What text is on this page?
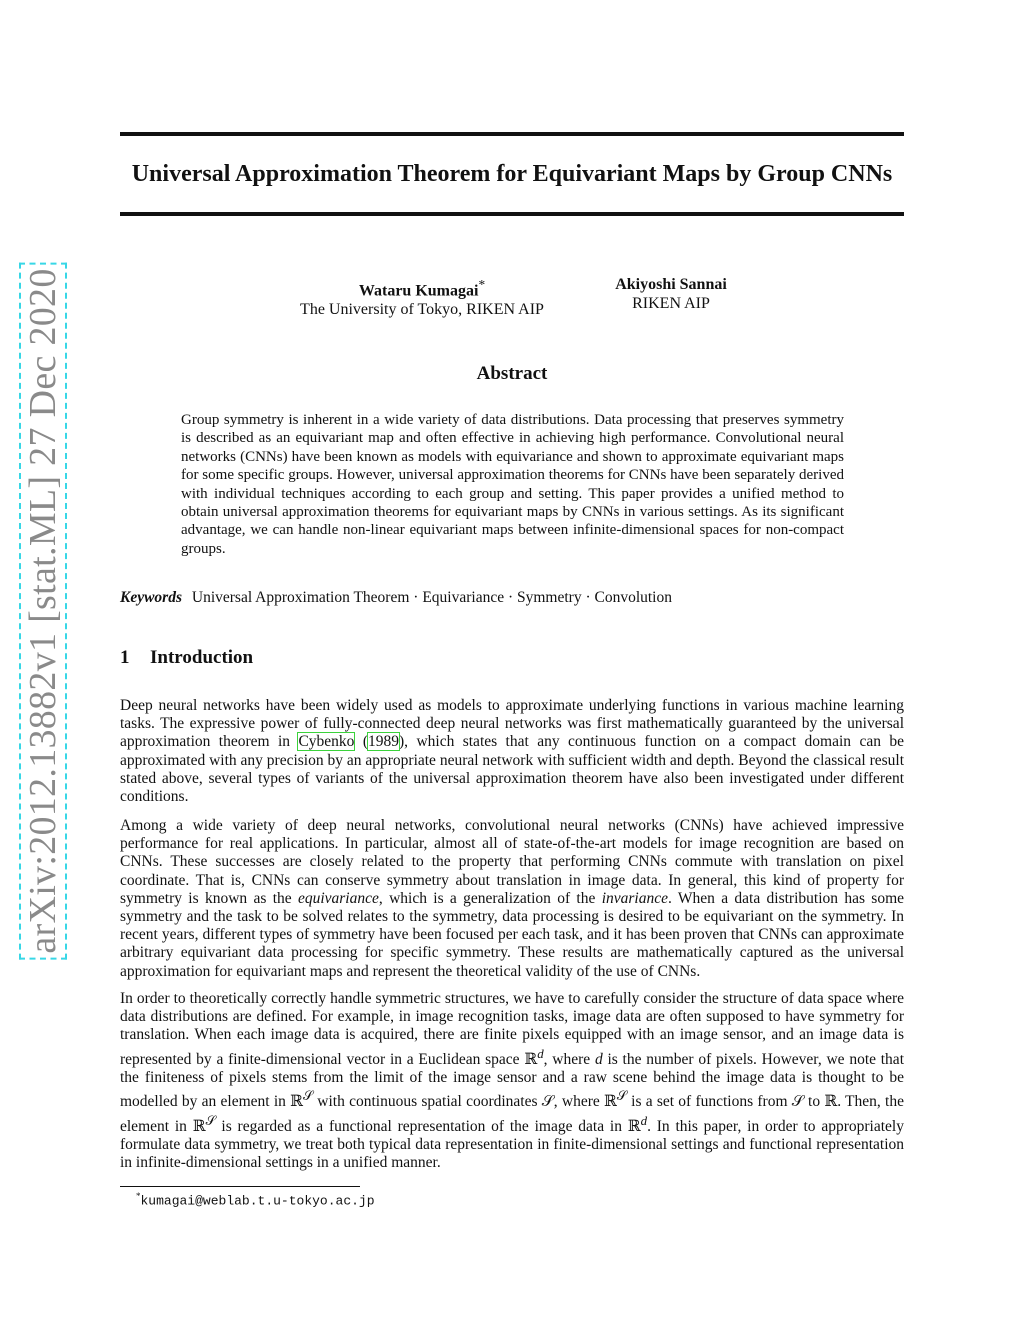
arXiv:2012.13882v1 [stat.ML] 27 Dec 2020
Universal Approximation Theorem for Equivariant Maps by Group CNNs
Wataru Kumagai*
The University of Tokyo, RIKEN AIP
Akiyoshi Sannai
RIKEN AIP
Abstract

Group symmetry is inherent in a wide variety of data distributions. Data processing that preserves symmetry is described as an equivariant map and often effective in achieving high performance. Convolutional neural networks (CNNs) have been known as models with equivariance and shown to approximate equivariant maps for some specific groups. However, universal approximation theorems for CNNs have been separately derived with individual techniques according to each group and setting. This paper provides a unified method to obtain universal approximation theorems for equivariant maps by CNNs in various settings. As its significant advantage, we can handle non-linear equivariant maps between infinite-dimensional spaces for non-compact groups.

Keywords Universal Approximation Theorem · Equivariance · Symmetry · Convolution
1 Introduction

Deep neural networks have been widely used as models to approximate underlying functions in various machine learning tasks. The expressive power of fully-connected deep neural networks was first mathematically guaranteed by the universal approximation theorem in Cybenko (1989), which states that any continuous function on a compact domain can be approximated with any precision by an appropriate neural network with sufficient width and depth. Beyond the classical result stated above, several types of variants of the universal approximation theorem have also been investigated under different conditions.

Among a wide variety of deep neural networks, convolutional neural networks (CNNs) have achieved impressive performance for real applications. In particular, almost all of state-of-the-art models for image recognition are based on CNNs. These successes are closely related to the property that performing CNNs commute with translation on pixel coordinate. That is, CNNs can conserve symmetry about translation in image data. In general, this kind of property for symmetry is known as the equivariance, which is a generalization of the invariance. When a data distribution has some symmetry and the task to be solved relates to the symmetry, data processing is desired to be equivariant on the symmetry. In recent years, different types of symmetry have been focused per each task, and it has been proven that CNNs can approximate arbitrary equivariant data processing for specific symmetry. These results are mathematically captured as the universal approximation for equivariant maps and represent the theoretical validity of the use of CNNs.

In order to theoretically correctly handle symmetric structures, we have to carefully consider the structure of data space where data distributions are defined. For example, in image recognition tasks, image data are often supposed to have symmetry for translation. When each image data is acquired, there are finite pixels equipped with an image sensor, and an image data is represented by a finite-dimensional vector in a Euclidean space ℝ$^d$, where d is the number of pixels. However, we note that the finiteness of pixels stems from the limit of the image sensor and a raw scene behind the image data is thought to be modelled by an element in ℝ$^𝒮$ with continuous spatial coordinates 𝒮, where ℝ$^𝒮$ is a set of functions from 𝒮 to ℝ. Then, the element in ℝ$^𝒮$ is regarded as a functional representation of the image data in ℝ$^d$. In this paper, in order to appropriately formulate data symmetry, we treat both typical data representation in finite-dimensional settings and functional representation in infinite-dimensional settings in a unified manner.

*kumagai@weblab.t.u-tokyo.ac.jp
